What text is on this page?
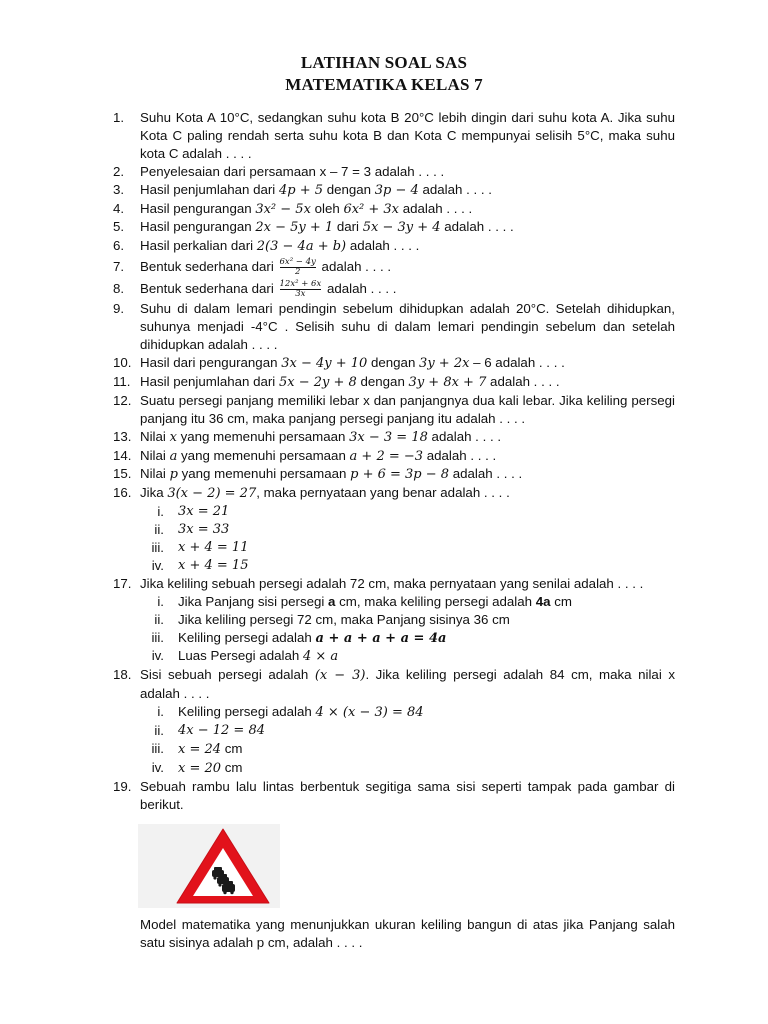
LATIHAN SOAL SAS
MATEMATIKA KELAS 7
1.	Suhu Kota A 10°C, sedangkan suhu kota B 20°C lebih dingin dari suhu kota A. Jika suhu Kota C paling rendah serta suhu kota B dan Kota C mempunyai selisih 5°C, maka suhu kota C adalah . . . .
2.	Penyelesaian dari persamaan x – 7 = 3 adalah . . . .
3.	Hasil penjumlahan dari 4p + 5 dengan 3p − 4 adalah . . . .
4.	Hasil pengurangan 3x² − 5x oleh 6x² + 3x adalah . . . .
5.	Hasil pengurangan 2x − 5y + 1 dari 5x − 3y + 4 adalah . . . .
6.	Hasil perkalian dari 2(3 − 4a + b) adalah . . . .
7.	Bentuk sederhana dari $\frac{\text{6x² − 4y}}{2}$ adalah . . . .
8.	Bentuk sederhana dari $\frac{\text{12x² + 6x}}{3x}$ adalah . . . .
9.	Suhu di dalam lemari pendingin sebelum dihidupkan adalah 20°C. Setelah dihidupkan, suhunya menjadi -4°C . Selisih suhu di dalam lemari pendingin sebelum dan setelah dihidupkan adalah . . . .
10. Hasil dari pengurangan 3x − 4y + 10 dengan 3y + 2x – 6 adalah . . . .
11. Hasil penjumlahan dari 5x − 2y + 8 dengan 3y + 8x + 7 adalah . . . .
12. Suatu persegi panjang memiliki lebar x dan panjangnya dua kali lebar. Jika keliling persegi panjang itu 36 cm, maka panjang persegi panjang itu adalah . . . .
13. Nilai x yang memenuhi persamaan 3x − 3 = 18 adalah . . . .
14. Nilai a yang memenuhi persamaan a + 2 = −3 adalah . . . .
15. Nilai p yang memenuhi persamaan p + 6 = 3p − 8 adalah . . . .
16. Jika 3(x − 2) = 27, maka pernyataan yang benar adalah . . . .
i.	3x = 21
ii.	3x = 33
iii.	x + 4 = 11
iv.	x + 4 = 15
17. Jika keliling sebuah persegi adalah 72 cm, maka pernyataan yang senilai adalah . . . .
i.	Jika Panjang sisi persegi a cm, maka keliling persegi adalah 4a cm
ii.	Jika keliling persegi 72 cm, maka Panjang sisinya 36 cm
iii.	Keliling persegi adalah a + a + a + a = 4a
iv.	Luas Persegi adalah 4 × a
18. Sisi sebuah persegi adalah (x − 3). Jika keliling persegi adalah 84 cm, maka nilai x adalah . . . .
i.	Keliling persegi adalah 4 × (x − 3) = 84
ii.	4x − 12 = 84
iii.	x = 24 cm
iv.	x = 20 cm
19. Sebuah rambu lalu lintas berbentuk segitiga sama sisi seperti tampak pada gambar di berikut.
Model matematika yang menunjukkan ukuran keliling bangun di atas jika Panjang salah satu sisinya adalah p cm, adalah . . . .
